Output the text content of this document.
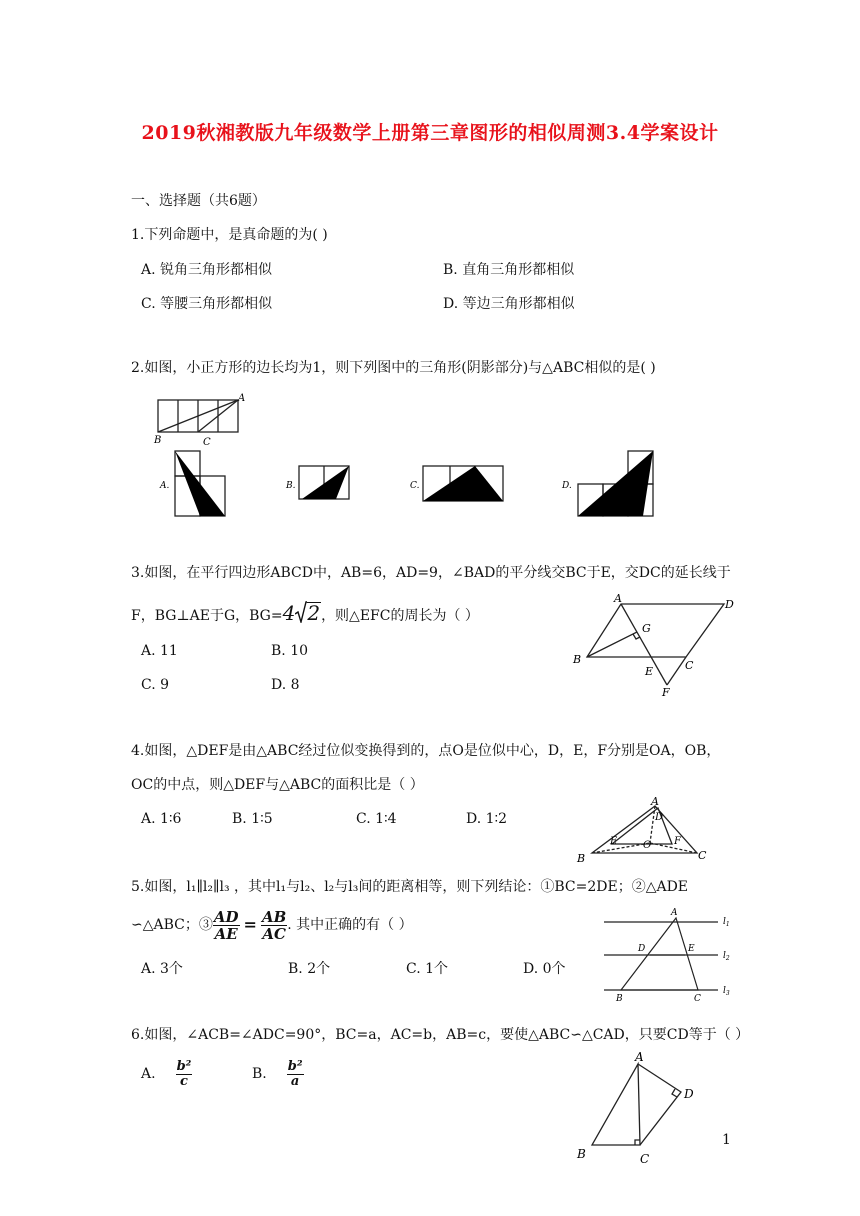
2019秋湘教版九年级数学上册第三章图形的相似周测3.4学案设计
一、选择题（共6题）
1.下列命题中，是真命题的为( )
A. 锐角三角形都相似	B. 直角三角形都相似
C. 等腰三角形都相似	D. 等边三角形都相似
2.如图，小正方形的边长均为1，则下列图中的三角形(阴影部分)与△ABC相似的是( )
A
B	C
A.	B.	C.	D.
3.如图，在平行四边形ABCD中，AB=6，AD=9，∠BAD的平分线交BC于E，交DC的延长线于
F，BG⊥AE于G，BG= 4 2 ，则△EFC的周长为（ ）
A. 11	B. 10
C. 9	D. 8
A	D
B
G
E	C
F
4.如图，△DEF是由△ABC经过位似变换得到的，点O是位似中心，D，E，F分别是OA，OB，
OC的中点，则△DEF与△ABC的面积比是（ ）
A. 1∶6	B. 1∶5	C. 1∶4	D. 1∶2
A
D
B	C
E	F
O
5.如图，l₁∥l₂∥l₃ ，其中l₁与l₂、l₂与l₃间的距离相等，则下列结论：①BC=2DE；②△ADE
∽△ABC；③ $\frac{AD}{AE} = \frac{AB}{AC}$ . 其中正确的有（ ）
A. 3个	B. 2个	C. 1个	D. 0个
A
D	E
B	C
$l_1$
$l_2$
$l_3$
6.如图，∠ACB=∠ADC=90°，BC=a，AC=b，AB=c，要使△ABC∽△CAD，只要CD等于（ ）
A. $\frac{\text{b²}}{c}$	B. $\frac{\text{b²}}{a}$
A
D
B	C
1
